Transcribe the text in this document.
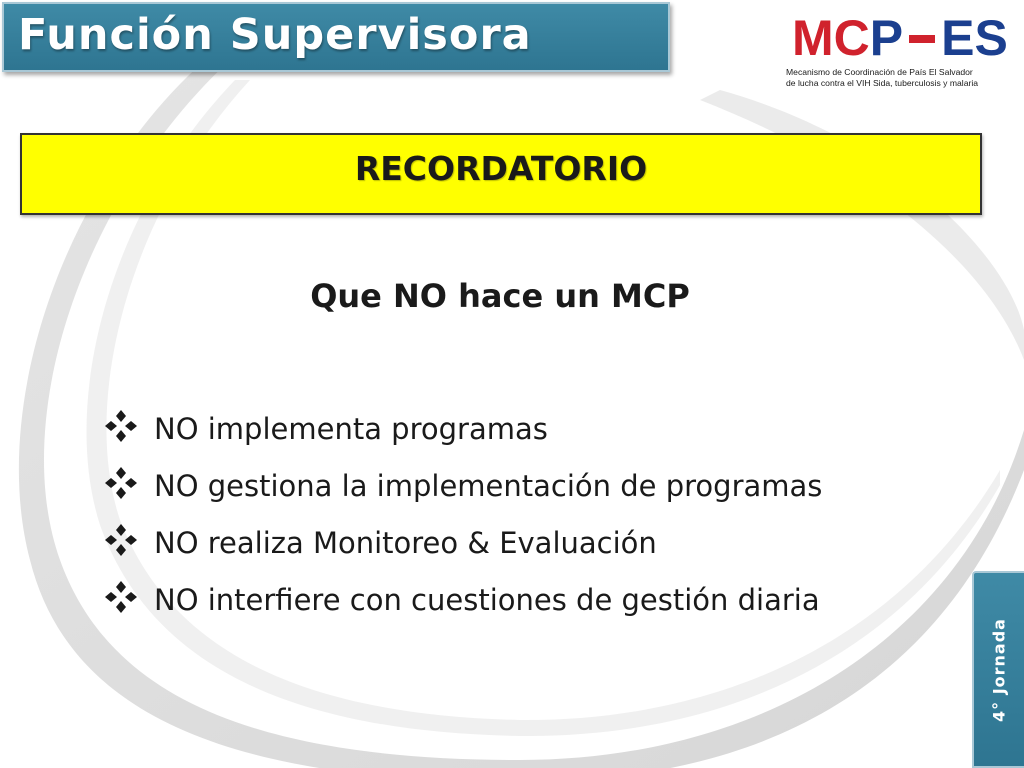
Función Supervisora	MCP ES
Mecanismo de Coordinación de País El Salvador
de lucha contra el VIH Sida, tuberculosis y malaria
RECORDATORIO
Que NO hace un MCP
NO implementa programas
NO gestiona la implementación de programas
NO realiza Monitoreo & Evaluación
NO interfiere con cuestiones de gestión diaria
4° Jornada
